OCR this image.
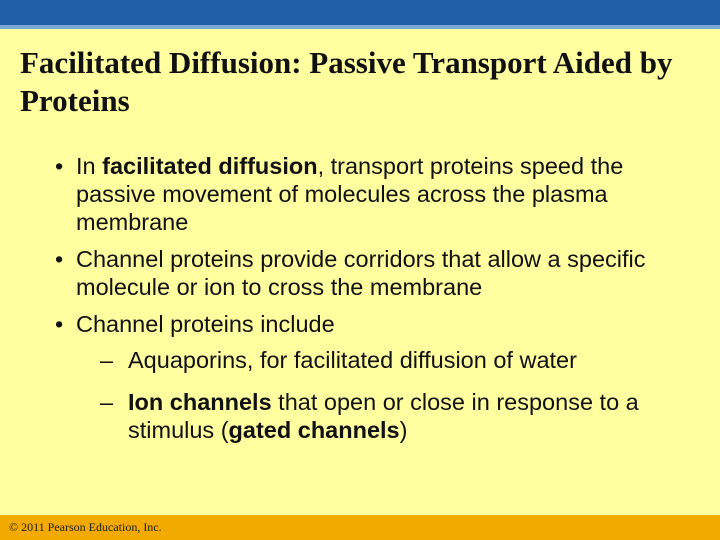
Facilitated Diffusion: Passive Transport Aided by Proteins
• In facilitated diffusion, transport proteins speed the passive movement of molecules across the plasma membrane
• Channel proteins provide corridors that allow a specific molecule or ion to cross the membrane
• Channel proteins include
– Aquaporins, for facilitated diffusion of water
– Ion channels that open or close in response to a stimulus (gated channels)
© 2011 Pearson Education, Inc.
